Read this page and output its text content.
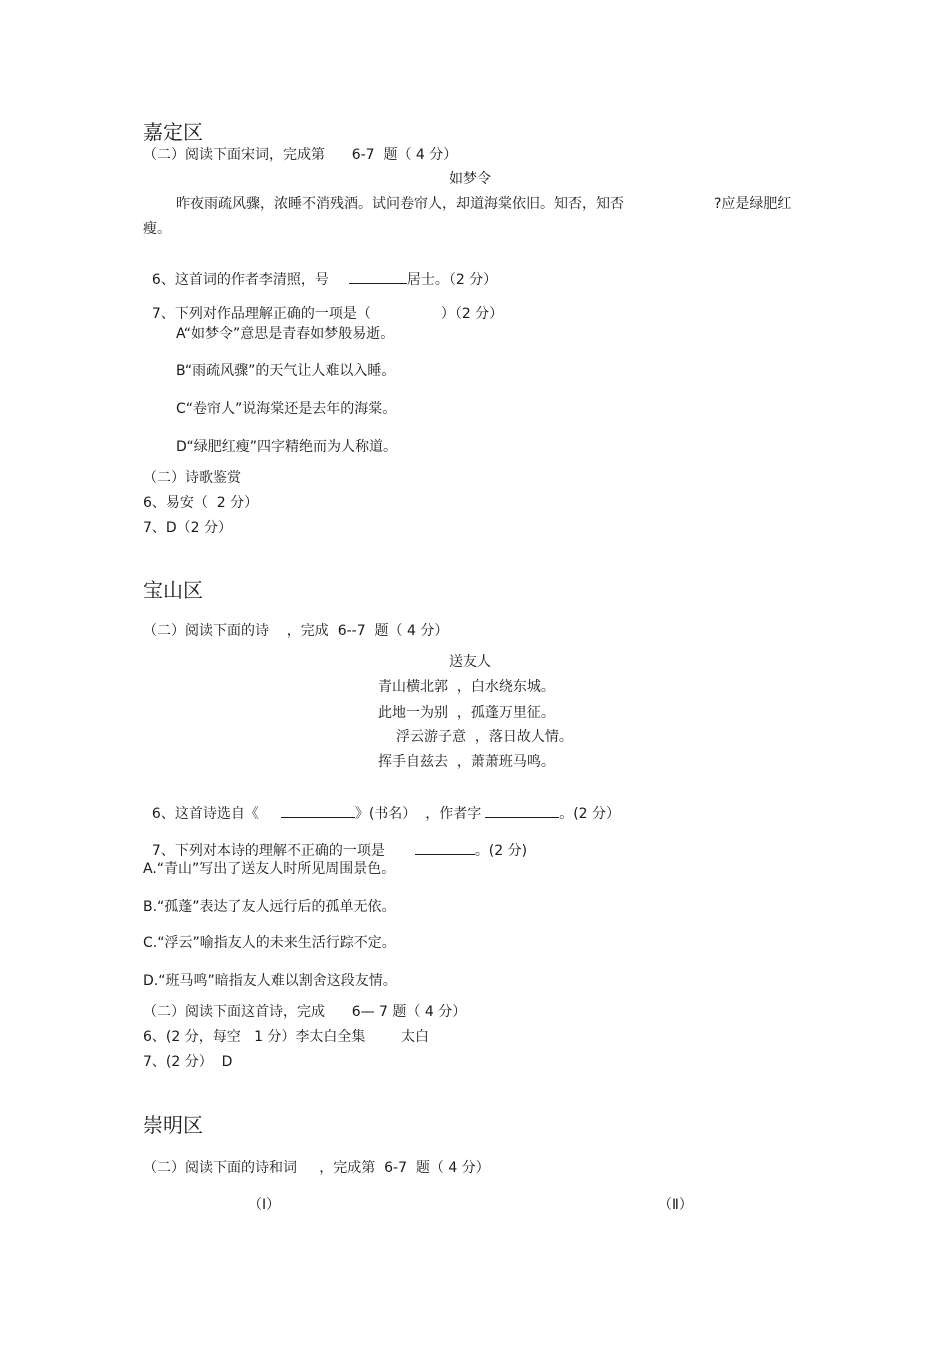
嘉定区
（二）阅读下面宋词，完成第      6-7  题（ 4 分）
如梦令
昨夜雨疏风骤，浓睡不消残酒。试问卷帘人，却道海棠依旧。知否，知否	?应是绿肥红
瘦。

6、这首词的作者李清照，号	居士。（2 分）

7、下列对作品理解正确的一项是（	）（2 分）

A“如梦令”意思是青春如梦般易逝。
B“雨疏风骤”的天气让人难以入睡。
C“卷帘人”说海棠还是去年的海棠。
D“绿肥红瘦”四字精绝而为人称道。
（二）诗歌鉴赏
6、易安（  2 分）
7、D（2 分）
宝山区
（二）阅读下面的诗    ，完成  6--7  题（ 4 分）
送友人
青山横北郭  ，白水绕东城。
此地一为别  ，孤蓬万里征。
浮云游子意  ，落日故人情。
挥手自兹去  ，萧萧班马鸣。

6、这首诗选自《	》(书名）  ，作者字	。(2 分）

7、下列对本诗的理解不正确的一项是	。(2 分)

A.“青山”写出了送友人时所见周围景色。
B.“孤蓬”表达了友人远行后的孤单无依。
C.“浮云”喻指友人的未来生活行踪不定。
D.“班马鸣”暗指友人难以割舍这段友情。
（二）阅读下面这首诗，完成      6— 7 题（ 4 分）
6、(2 分，每空   1 分）李太白全集        太白
7、(2 分）  D
崇明区
（二）阅读下面的诗和词     ，完成第  6-7  题（ 4 分）
（Ⅰ）	（Ⅱ）
